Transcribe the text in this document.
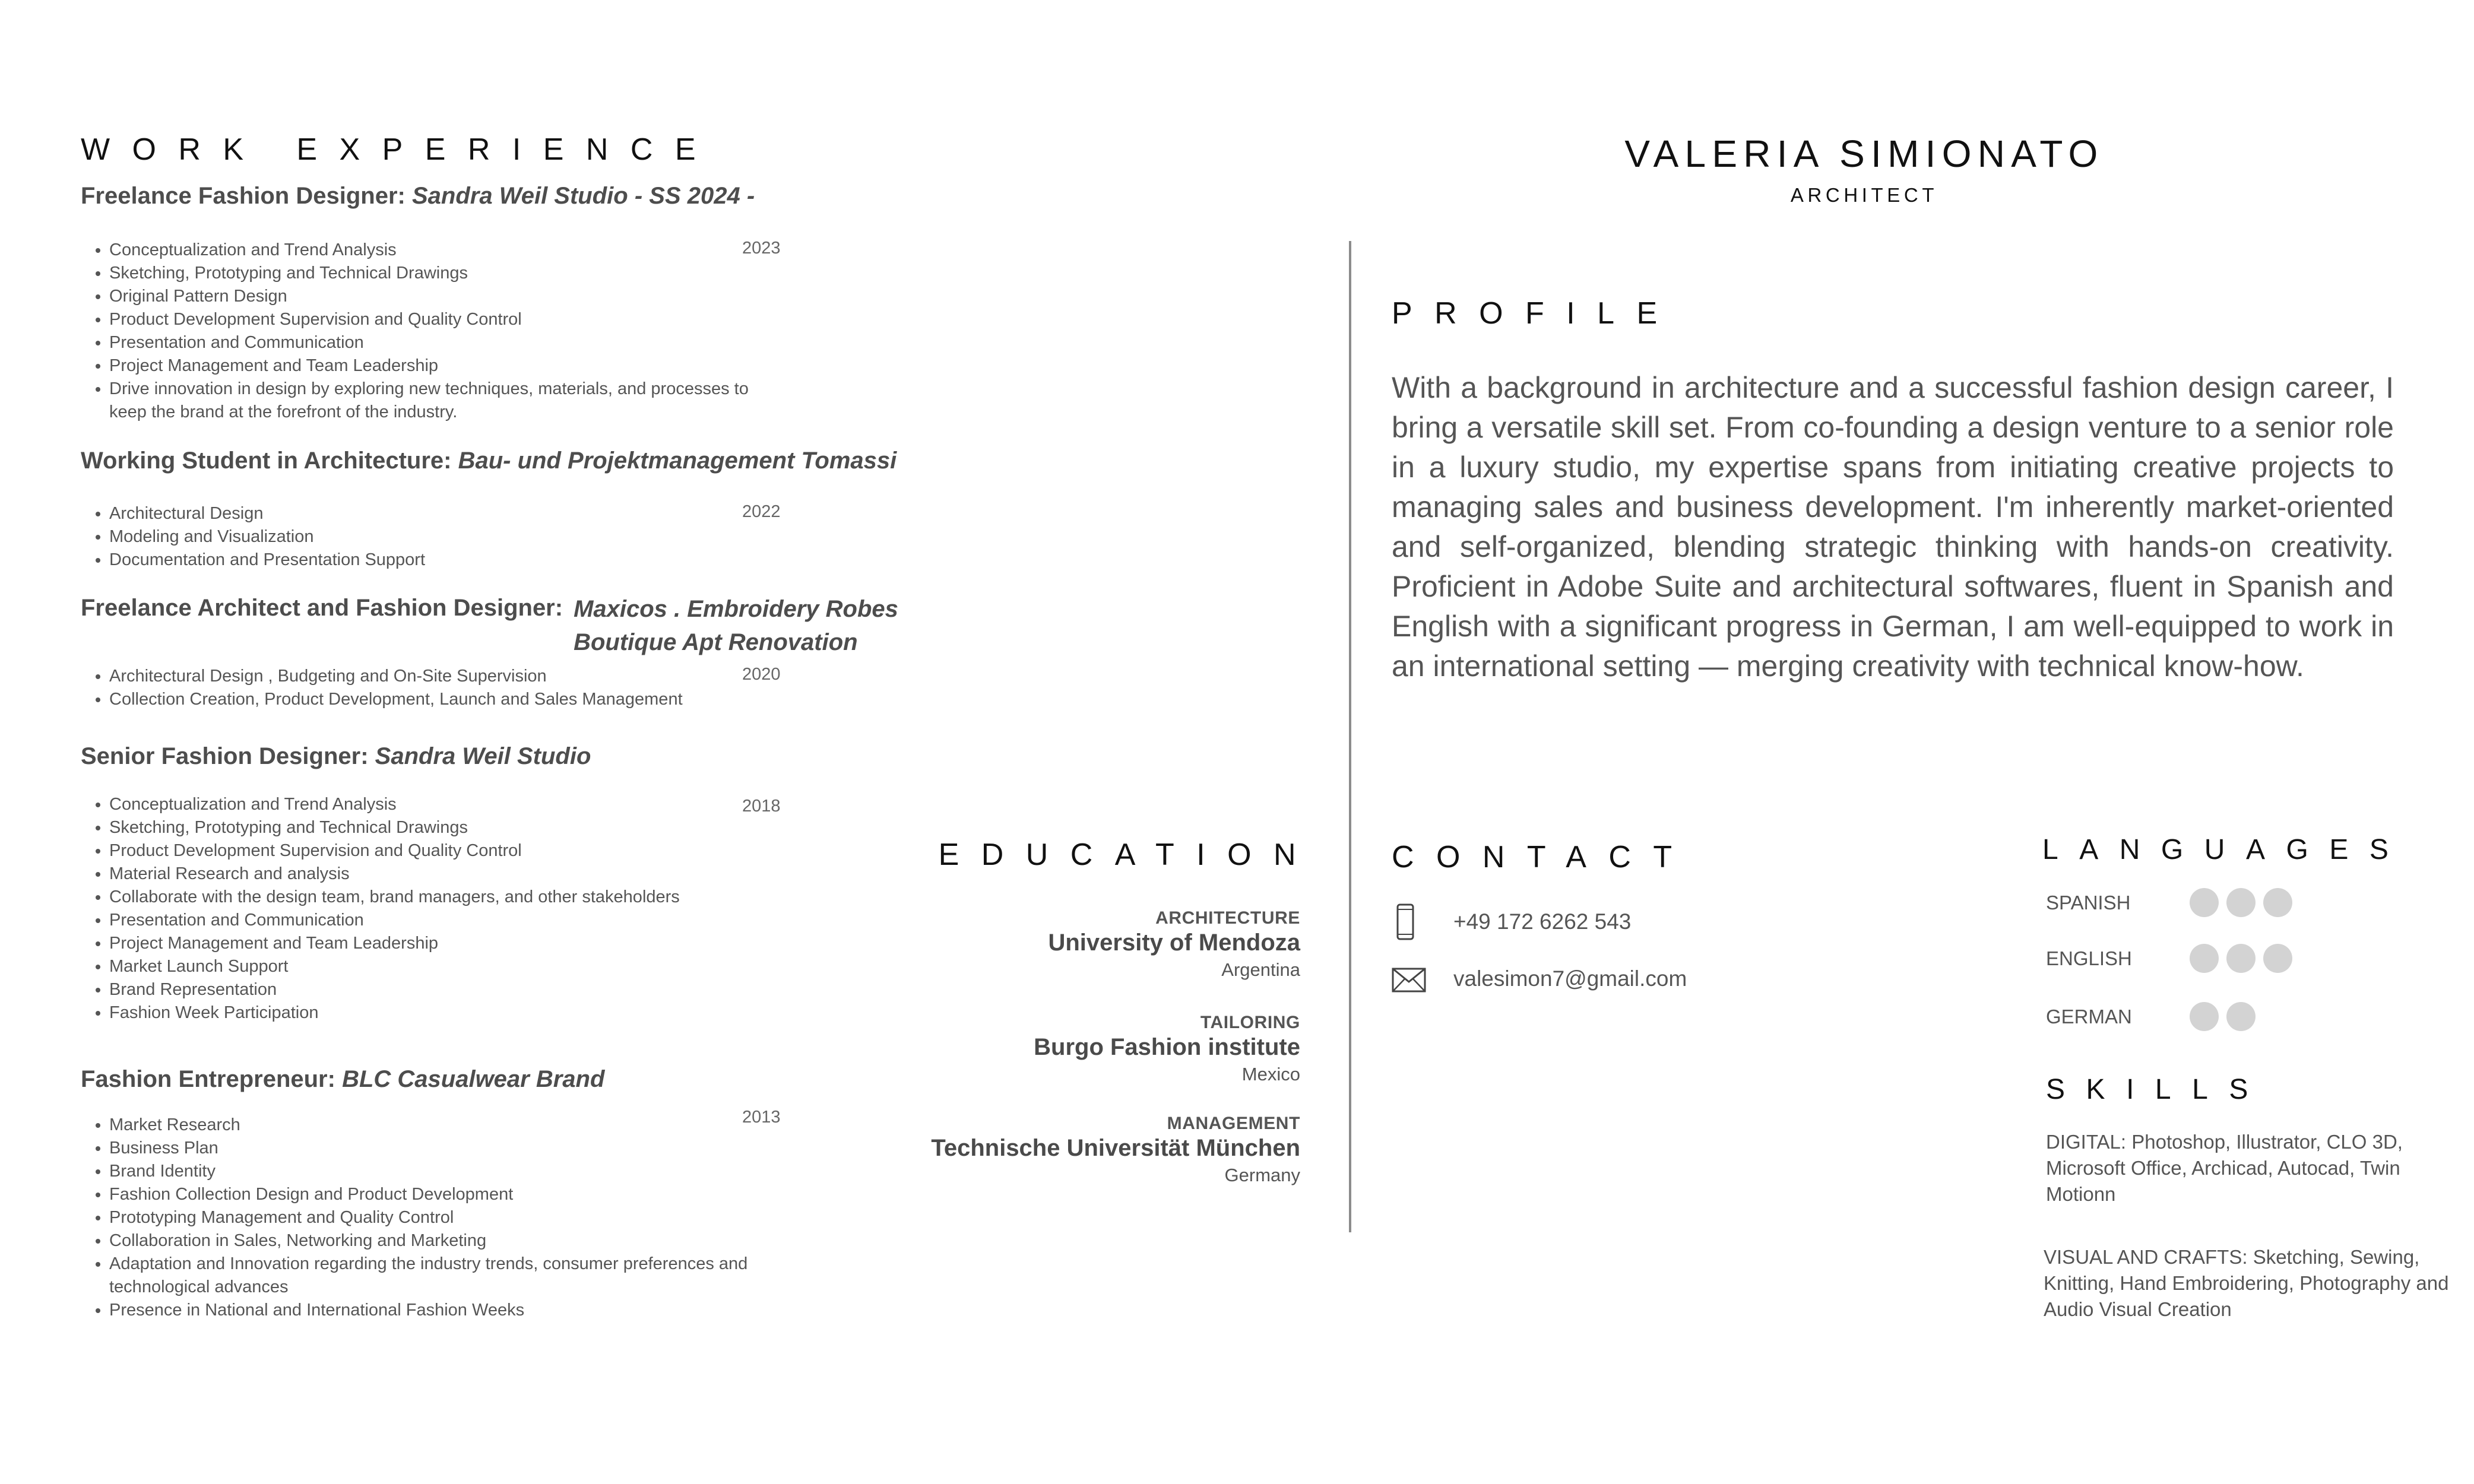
VALERIA SIMIONATO
ARCHITECT
WORK EXPERIENCE
Freelance Fashion Designer: Sandra Weil Studio - SS 2024 -
2023
• Conceptualization and Trend Analysis
• Sketching, Prototyping and Technical Drawings
• Original Pattern Design
• Product Development Supervision and Quality Control
• Presentation and Communication
• Project Management and Team Leadership
• Drive innovation in design by exploring new techniques, materials, and processes to keep the brand at the forefront of the industry.
Working Student in Architecture: Bau- und Projektmanagement Tomassi
2022
• Architectural Design
• Modeling and Visualization
• Documentation and Presentation Support
Freelance Architect and Fashion Designer: Maxicos . Embroidery Robes
Boutique Apt Renovation
2020
• Architectural Design , Budgeting and On-Site Supervision
• Collection Creation, Product Development, Launch and Sales Management
Senior Fashion Designer: Sandra Weil Studio
2018
• Conceptualization and Trend Analysis
• Sketching, Prototyping and Technical Drawings
• Product Development Supervision and Quality Control
• Material Research and analysis
• Collaborate with the design team, brand managers, and other stakeholders
• Presentation and Communication
• Project Management and Team Leadership
• Market Launch Support
• Brand Representation
• Fashion Week Participation
Fashion Entrepreneur: BLC Casualwear Brand
2013
• Market Research
• Business Plan
• Brand Identity
• Fashion Collection Design and Product Development
• Prototyping Management and Quality Control
• Collaboration in Sales, Networking and Marketing
• Adaptation and Innovation regarding the industry trends, consumer preferences and technological advances
• Presence in National and International Fashion Weeks
EDUCATION
ARCHITECTURE
University of Mendoza
Argentina
TAILORING
Burgo Fashion institute
Mexico
MANAGEMENT
Technische Universität München
Germany
PROFILE

With a background in architecture and a successful fashion design career, I bring a versatile skill set. From co-founding a design venture to a senior role in a luxury studio, my expertise spans from initiating creative projects to managing sales and business development. I'm inherently market-oriented and self-organized, blending strategic thinking with hands-on creativity. Proficient in Adobe Suite and architectural softwares, fluent in Spanish and English with a significant progress in German, I am well-equipped to work in an international setting — merging creativity with technical know-how.

CONTACT
+49 172 6262 543
valesimon7@gmail.com
LANGUAGES
SPANISH
ENGLISH
GERMAN
SKILLS
DIGITAL: Photoshop, Illustrator, CLO 3D, Microsoft Office, Archicad, Autocad, Twin Motionn
VISUAL AND CRAFTS: Sketching, Sewing, Knitting, Hand Embroidering, Photography and Audio Visual Creation
